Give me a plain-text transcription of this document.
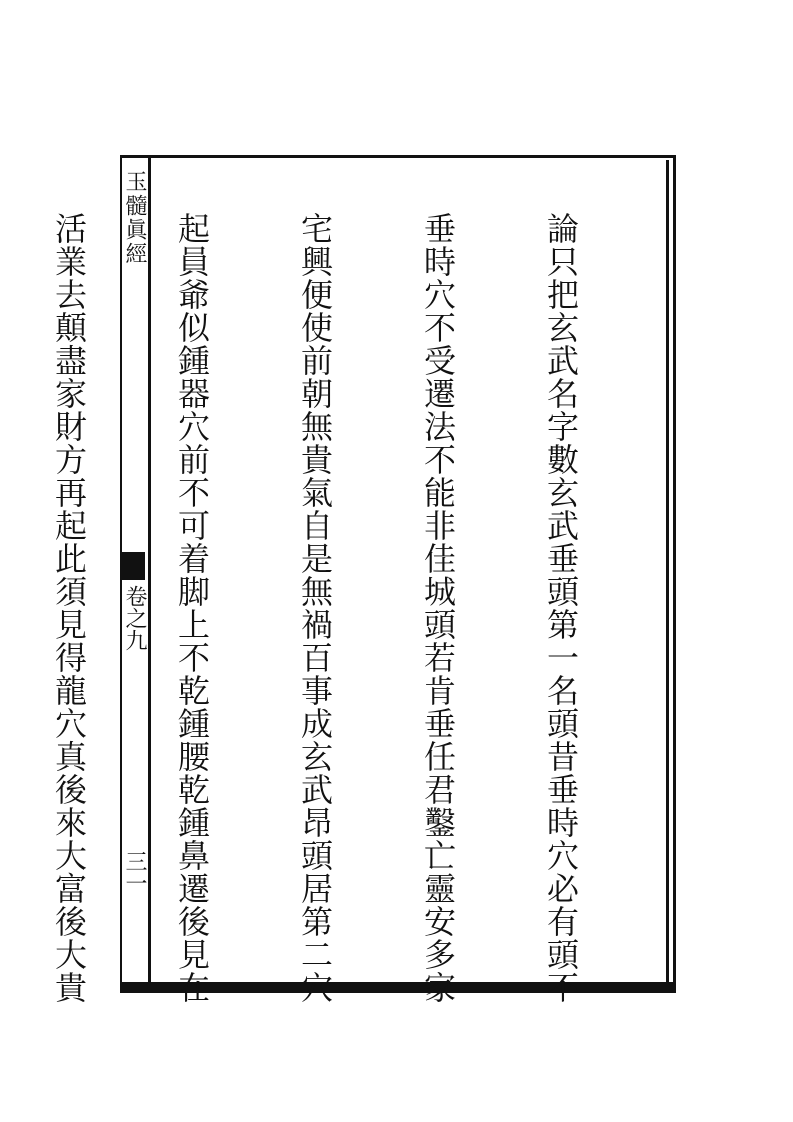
玉髓眞經
卷之九
三一

	論只把玄武名字數玄武垂頭第一名頭昔垂時穴必有頭不

垂時穴不受遷法不能非佳城頭若肯垂任君鑿亡靈安多家

宅興便使前朝無貴氣自是無禍百事成玄武昂頭居第二穴

起員爺似鍾器穴前不可着脚上不乾鍾腰乾鍾鼻遷後見在

活業去顛盡家財方再起此須見得龍穴真後來大富後大貴
